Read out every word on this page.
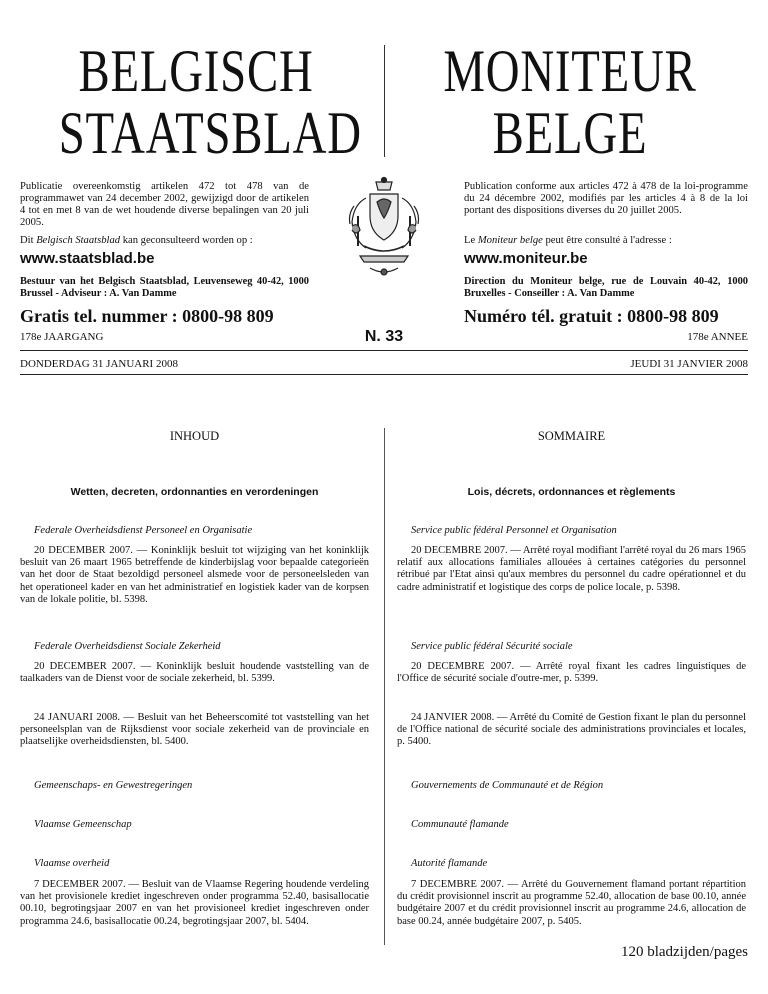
BELGISCH
STAATSBLAD
MONITEUR
BELGE
Publicatie overeenkomstig artikelen 472 tot 478 van de programmawet van 24 december 2002, gewijzigd door de artikelen 4 tot en met 8 van de wet houdende diverse bepalingen van 20 juli 2005.
Dit Belgisch Staatsblad kan geconsulteerd worden op :
www.staatsblad.be
Bestuur van het Belgisch Staatsblad, Leuvenseweg 40-42, 1000 Brussel - Adviseur : A. Van Damme
Gratis tel. nummer : 0800-98 809
178e JAARGANG
Publication conforme aux articles 472 à 478 de la loi-programme du 24 décembre 2002, modifiés par les articles 4 à 8 de la loi portant des dispositions diverses du 20 juillet 2005.
Le Moniteur belge peut être consulté à l'adresse :
www.moniteur.be
Direction du Moniteur belge, rue de Louvain 40-42, 1000 Bruxelles - Conseiller : A. Van Damme
Numéro tél. gratuit : 0800-98 809
178e ANNEE
N. 33
DONDERDAG 31 JANUARI 2008	JEUDI 31 JANVIER 2008
INHOUD	SOMMAIRE
Wetten, decreten, ordonnanties en verordeningen	Lois, décrets, ordonnances et règlements
Federale Overheidsdienst Personeel en Organisatie	Service public fédéral Personnel et Organisation
20 DECEMBER 2007. — Koninklijk besluit tot wijziging van het koninklijk besluit van 26 maart 1965 betreffende de kinderbijslag voor bepaalde categorieën van het door de Staat bezoldigd personeel alsmede voor de personeelsleden van het operationeel kader en van het administratief en logistiek kader van de korpsen van de lokale politie, bl. 5398.
20 DECEMBRE 2007. — Arrêté royal modifiant l'arrêté royal du 26 mars 1965 relatif aux allocations familiales allouées à certaines catégories du personnel rétribué par l'Etat ainsi qu'aux membres du personnel du cadre opérationnel et du cadre administratif et logistique des corps de police locale, p. 5398.
Federale Overheidsdienst Sociale Zekerheid	Service public fédéral Sécurité sociale
20 DECEMBER 2007. — Koninklijk besluit houdende vaststelling van de taalkaders van de Dienst voor de sociale zekerheid, bl. 5399.
20 DECEMBRE 2007. — Arrêté royal fixant les cadres linguistiques de l'Office de sécurité sociale d'outre-mer, p. 5399.
24 JANUARI 2008. — Besluit van het Beheerscomité tot vaststelling van het personeelsplan van de Rijksdienst voor sociale zekerheid van de provinciale en plaatselijke overheidsdiensten, bl. 5400.
24 JANVIER 2008. — Arrêté du Comité de Gestion fixant le plan du personnel de l'Office national de sécurité sociale des administrations provinciales et locales, p. 5400.
Gemeenschaps- en Gewestregeringen	Gouvernements de Communauté et de Région
Vlaamse Gemeenschap	Communauté flamande
Vlaamse overheid	Autorité flamande
7 DECEMBER 2007. — Besluit van de Vlaamse Regering houdende verdeling van het provisionele krediet ingeschreven onder programma 52.40, basisallocatie 00.10, begrotingsjaar 2007 en van het provisioneel krediet ingeschreven onder programma 24.6, basisallocatie 00.24, begrotingsjaar 2007, bl. 5404.
7 DECEMBRE 2007. — Arrêté du Gouvernement flamand portant répartition du crédit provisionnel inscrit au programme 52.40, allocation de base 00.10, année budgétaire 2007 et du crédit provisionnel inscrit au programme 24.6, allocation de base 00.24, année budgétaire 2007, p. 5405.
120 bladzijden/pages
